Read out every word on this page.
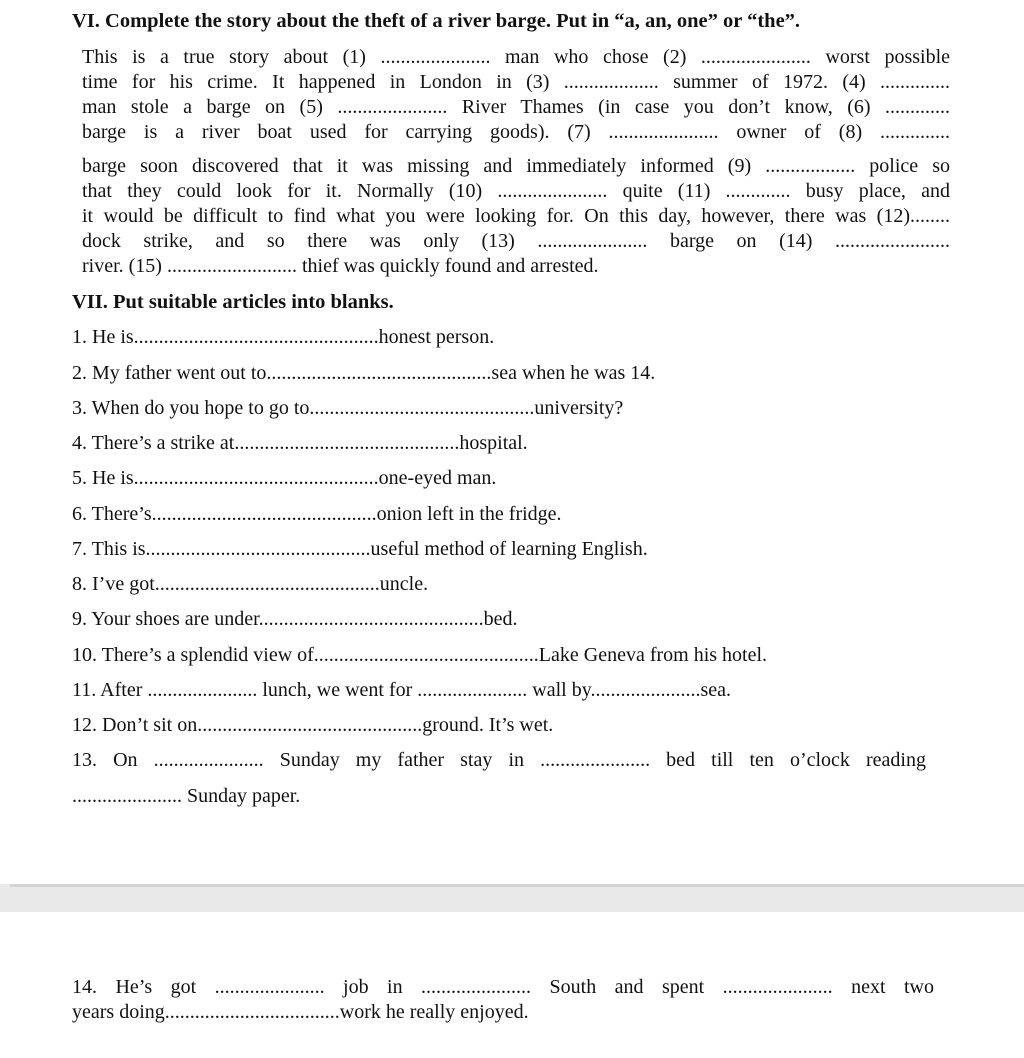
VI. Complete the story about the theft of a river barge. Put in “a, an, one” or “the”.
This is a true story about (1) ...................... man who chose (2) ...................... worst possible
time for his crime. It happened in London in (3) ................... summer of 1972. (4) ..............
man stole a barge on (5) ...................... River Thames (in case you don’t know, (6) .............
barge is a river boat used for carrying goods). (7) ...................... owner of (8) ..............
barge soon discovered that it was missing and immediately informed (9) .................. police so
that they could look for it. Normally (10) ...................... quite (11) ............. busy place, and
it would be difficult to find what you were looking for. On this day, however, there was (12)........
dock strike, and so there was only (13) ...................... barge on (14) .......................
river. (15) .......................... thief was quickly found and arrested.
VII. Put suitable articles into blanks.
1. He is.................................................honest person.
2. My father went out to.............................................sea when he was 14.
3. When do you hope to go to.............................................university?
4. There’s a strike at.............................................hospital.
5. He is.................................................one-eyed man.
6. There’s.............................................onion left in the fridge.
7. This is.............................................useful method of learning English.
8. I’ve got.............................................uncle.
9. Your shoes are under.............................................bed.
10. There’s a splendid view of.............................................Lake Geneva from his hotel.
11. After ...................... lunch, we went for ...................... wall by......................sea.
12. Don’t sit on.............................................ground. It’s wet.
13. On ...................... Sunday my father stay in ...................... bed till ten o’clock reading
...................... Sunday paper.
14. He’s got ...................... job in ...................... South and spent ...................... next two
years doing...................................work he really enjoyed.
